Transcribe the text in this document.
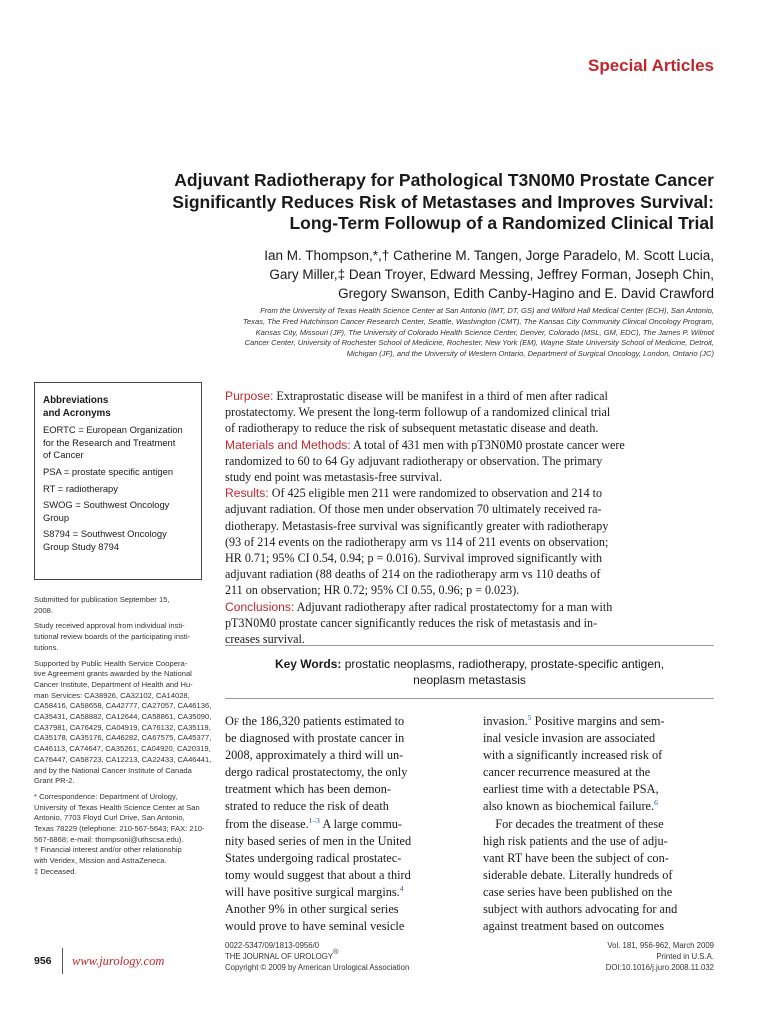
Special Articles
Adjuvant Radiotherapy for Pathological T3N0M0 Prostate Cancer
Significantly Reduces Risk of Metastases and Improves Survival:
Long-Term Followup of a Randomized Clinical Trial
Ian M. Thompson,*,† Catherine M. Tangen, Jorge Paradelo, M. Scott Lucia,
Gary Miller,‡ Dean Troyer, Edward Messing, Jeffrey Forman, Joseph Chin,
Gregory Swanson, Edith Canby-Hagino and E. David Crawford
From the University of Texas Health Science Center at San Antonio (IMT, DT, GS) and Wilford Hall Medical Center (ECH), San Antonio,
Texas, The Fred Hutchinson Cancer Research Center, Seattle, Washington (CMT), The Kansas City Community Clinical Oncology Program,
Kansas City, Missouri (JP), The University of Colorado Health Science Center, Denver, Colorado (MSL, GM, EDC), The James P. Wilmot
Cancer Center, University of Rochester School of Medicine, Rochester, New York (EM), Wayne State University School of Medicine, Detroit,
Michigan (JF), and the University of Western Ontario, Department of Surgical Oncology, London, Ontario (JC)
Abbreviations
and Acronyms
EORTC = European Organization
for the Research and Treatment
of Cancer
PSA = prostate specific antigen
RT = radiotherapy
SWOG = Southwest Oncology
Group
S8794 = Southwest Oncology
Group Study 8794
Purpose: Extraprostatic disease will be manifest in a third of men after radical
prostatectomy. We present the long-term followup of a randomized clinical trial
of radiotherapy to reduce the risk of subsequent metastatic disease and death.
Materials and Methods: A total of 431 men with pT3N0M0 prostate cancer were
randomized to 60 to 64 Gy adjuvant radiotherapy or observation. The primary
study end point was metastasis-free survival.
Results: Of 425 eligible men 211 were randomized to observation and 214 to
adjuvant radiation. Of those men under observation 70 ultimately received ra-
diotherapy. Metastasis-free survival was significantly greater with radiotherapy
(93 of 214 events on the radiotherapy arm vs 114 of 211 events on observation;
HR 0.71; 95% CI 0.54, 0.94; p = 0.016). Survival improved significantly with
adjuvant radiation (88 deaths of 214 on the radiotherapy arm vs 110 deaths of
211 on observation; HR 0.72; 95% CI 0.55, 0.96; p = 0.023).
Conclusions: Adjuvant radiotherapy after radical prostatectomy for a man with
pT3N0M0 prostate cancer significantly reduces the risk of metastasis and in-
creases survival.
Key Words: prostatic neoplasms, radiotherapy, prostate-specific antigen,
neoplasm metastasis
Submitted for publication September 15,
2008.
Study received approval from individual insti-
tutional review boards of the participating insti-
tutions.
Supported by Public Health Service Coopera-
tive Agreement grants awarded by the National
Cancer Institute, Department of Health and Hu-
man Services: CA38926, CA32102, CA14028,
CA58416, CA58658, CA42777, CA27057, CA46136,
CA35431, CA58882, CA12644, CA58861, CA35090,
CA37981, CA76429, CA04919, CA76132, CA35119,
CA35178, CA35176, CA46282, CA67575, CA45377,
CA46113, CA74647, CA35261, CA04920, CA20319,
CA76447, CA58723, CA12213, CA22433, CA46441,
and by the National Cancer Institute of Canada
Grant PR-2.
* Correspondence: Department of Urology,
University of Texas Health Science Center at San
Antonio, 7703 Floyd Curl Drive, San Antonio,
Texas 78229 (telephone: 210-567-5643; FAX: 210-
567-6868; e-mail: thompsoni@uthscsa.edu).
† Financial interest and/or other relationship
with Veridex, Mission and AstraZeneca.
‡ Deceased.
Of the 186,320 patients estimated to
be diagnosed with prostate cancer in
2008, approximately a third will un-
dergo radical prostatectomy, the only
treatment which has been demon-
strated to reduce the risk of death
from the disease.$^{1-3}$ A large commu-
nity based series of men in the United
States undergoing radical prostatec-
tomy would suggest that about a third
will have positive surgical margins.$^4$
Another 9% in other surgical series
would prove to have seminal vesicle
invasion.$^5$ Positive margins and sem-
inal vesicle invasion are associated
with a significantly increased risk of
cancer recurrence measured at the
earliest time with a detectable PSA,
also known as biochemical failure.$^6$
For decades the treatment of these
high risk patients and the use of adju-
vant RT have been the subject of con-
siderable debate. Literally hundreds of
case series have been published on the
subject with authors advocating for and
against treatment based on outcomes
956 www.jurology.com
0022-5347/09/1813-0956/0
THE JOURNAL OF UROLOGY®
Copyright © 2009 by American Urological Association
Vol. 181, 956-962, March 2009
Printed in U.S.A.
DOI:10.1016/j.juro.2008.11.032
